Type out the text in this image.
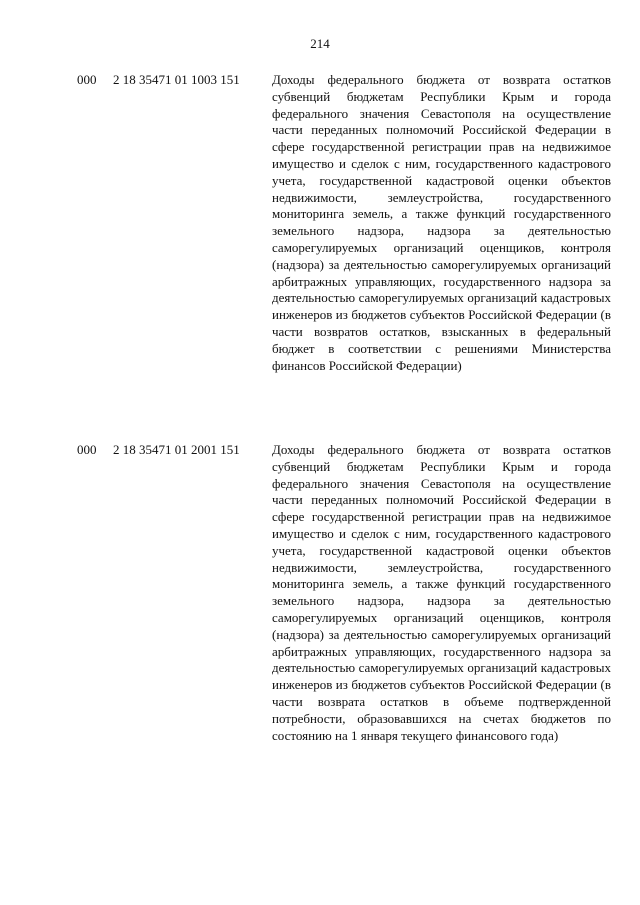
214
000 2 18 35471 01 1003 151 Доходы федерального бюджета от возврата остатков субвенций бюджетам Республики Крым и города федерального значения Севастополя на осуществление части переданных полномочий Российской Федерации в сфере государственной регистрации прав на недвижимое имущество и сделок с ним, государственного кадастрового учета, государственной кадастровой оценки объектов недвижимости, землеустройства, государственного мониторинга земель, а также функций государственного земельного надзора, надзора за деятельностью саморегулируемых организаций оценщиков, контроля (надзора) за деятельностью саморегулируемых организаций арбитражных управляющих, государственного надзора за деятельностью саморегулируемых организаций кадастровых инженеров из бюджетов субъектов Российской Федерации (в части возвратов остатков, взысканных в федеральный бюджет в соответствии с решениями Министерства финансов Российской Федерации)
000 2 18 35471 01 2001 151 Доходы федерального бюджета от возврата остатков субвенций бюджетам Республики Крым и города федерального значения Севастополя на осуществление части переданных полномочий Российской Федерации в сфере государственной регистрации прав на недвижимое имущество и сделок с ним, государственного кадастрового учета, государственной кадастровой оценки объектов недвижимости, землеустройства, государственного мониторинга земель, а также функций государственного земельного надзора, надзора за деятельностью саморегулируемых организаций оценщиков, контроля (надзора) за деятельностью саморегулируемых организаций арбитражных управляющих, государственного надзора за деятельностью саморегулируемых организаций кадастровых инженеров из бюджетов субъектов Российской Федерации (в части возврата остатков в объеме подтвержденной потребности, образовавшихся на счетах бюджетов по состоянию на 1 января текущего финансового года)
